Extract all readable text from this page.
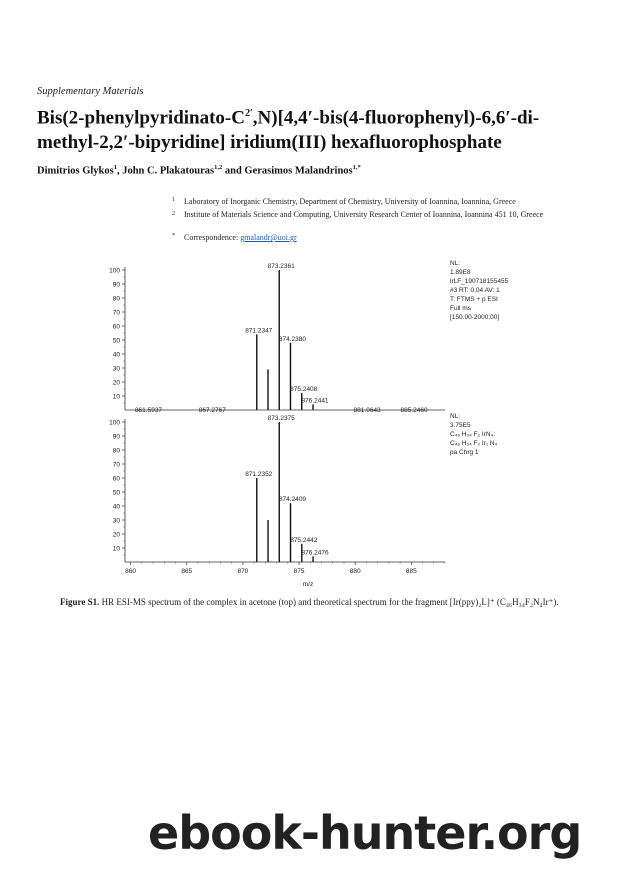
Supplementary Materials
$Bis(2-phenylpyridinato-C^{2'},N)[4,4'-bis(4-fluorophenyl)-6,6'-di-$
methyl-2,2′-bipyridine] iridium(III) hexafluorophosphate
Dimitrios Glykos$^1$, John C. Plakatouras$^{1,2}$ and Gerasimos Malandrinos$^{1,*}$
1 Laboratory of Inorganic Chemistry, Department of Chemistry, University of Ioannina, Ioannina, Greece
2 Institute of Materials Science and Computing, University Research Center of Ioannina, Ioannina 451 10, Greece
* Correspondence: gmalandr@uoi.gr
10
20
30
40
50
60
70
80
90
100
871.2347
873.2361
874.2380
875.2408
876.2441
861.5937	867.2767	881.0643	885.2460
NL:
1.89E8
lrLF_190718155455
#3 RT: 0.04 AV: 1
T: FTMS + p ESI
Full ms
[150.00-2000.00]
10
20
30
40
50
60
70
80
90
100
860	865	870	875	880	885
871.2352
873.2375
874.2409
875.2442
876.2476
m/z
NL:
3.75E5
C₄₆ H₃₄ F₂ IrN₄:
C₄₆ H₃₄ F₂ Ir₁ N₄
pa Chrg 1
Figure S1. HR ESI-MS spectrum of the complex in acetone (top) and theoretical spectrum for the fragment [Ir(ppy)₂L]⁺ (C₄₆H₃₄F₂N₄Ir⁺).
ebook-hunter.org
